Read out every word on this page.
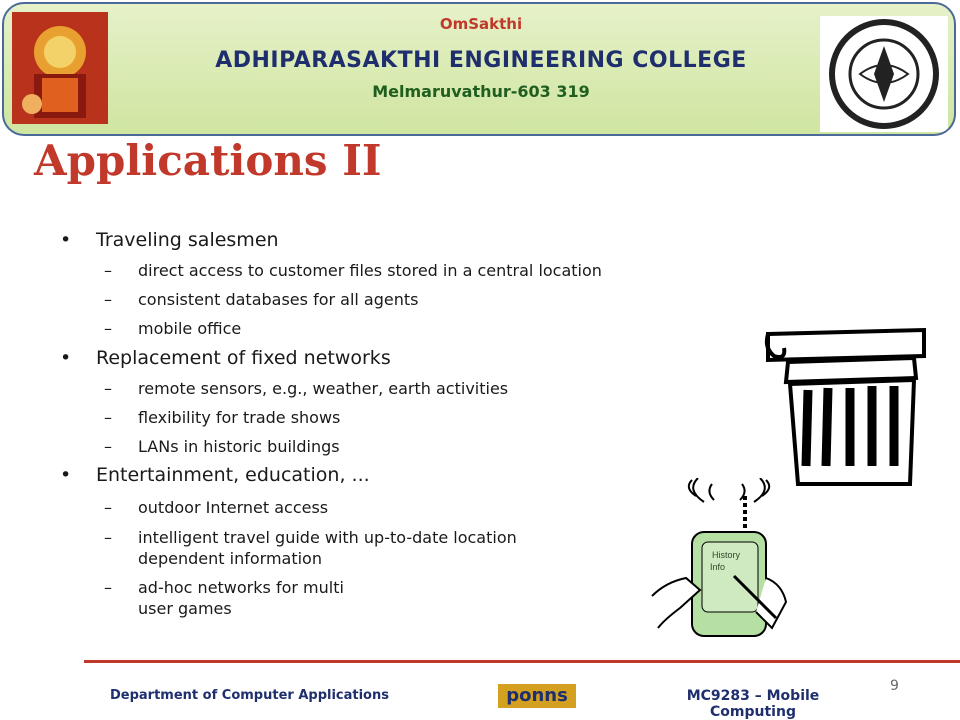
OmSakthi
ADHIPARASAKTHI ENGINEERING COLLEGE
Melmaruvathur-603 319
Applications II
• Traveling salesmen
– direct access to customer files stored in a central location
– consistent databases for all agents
– mobile office
• Replacement of fixed networks
– remote sensors, e.g., weather, earth activities
– flexibility for trade shows
– LANs in historic buildings
• Entertainment, education, ...
– outdoor Internet access
– intelligent travel guide with up-to-date location dependent information
– ad-hoc networks for multi user games
History
Info
Department of Computer Applications	ponns	MC9283 – Mobile
Computing
9
